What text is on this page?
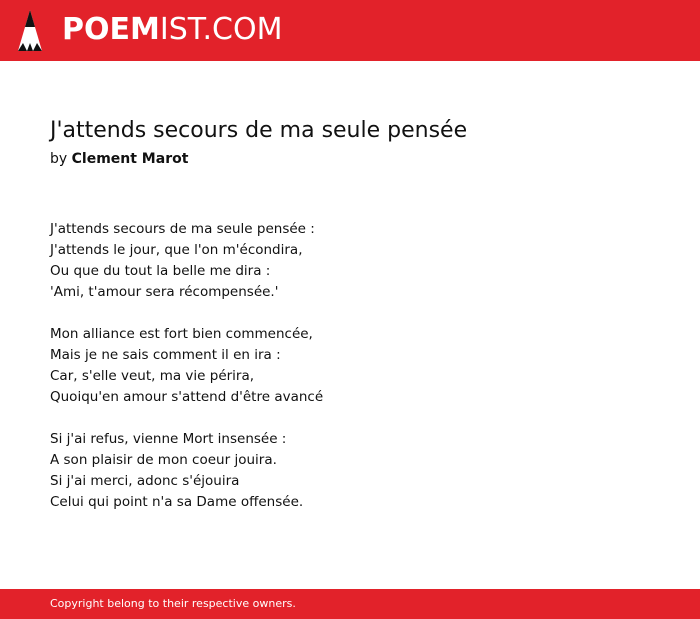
POEMIST.COM
J'attends secours de ma seule pensée
by Clement Marot
J'attends secours de ma seule pensée :
J'attends le jour, que l'on m'écondira,
Ou que du tout la belle me dira :
'Ami, t'amour sera récompensée.'
Mon alliance est fort bien commencée,
Mais je ne sais comment il en ira :
Car, s'elle veut, ma vie périra,
Quoiqu'en amour s'attend d'être avancé
Si j'ai refus, vienne Mort insensée :
A son plaisir de mon coeur jouira.
Si j'ai merci, adonc s'éjouira
Celui qui point n'a sa Dame offensée.
Copyright belong to their respective owners.
